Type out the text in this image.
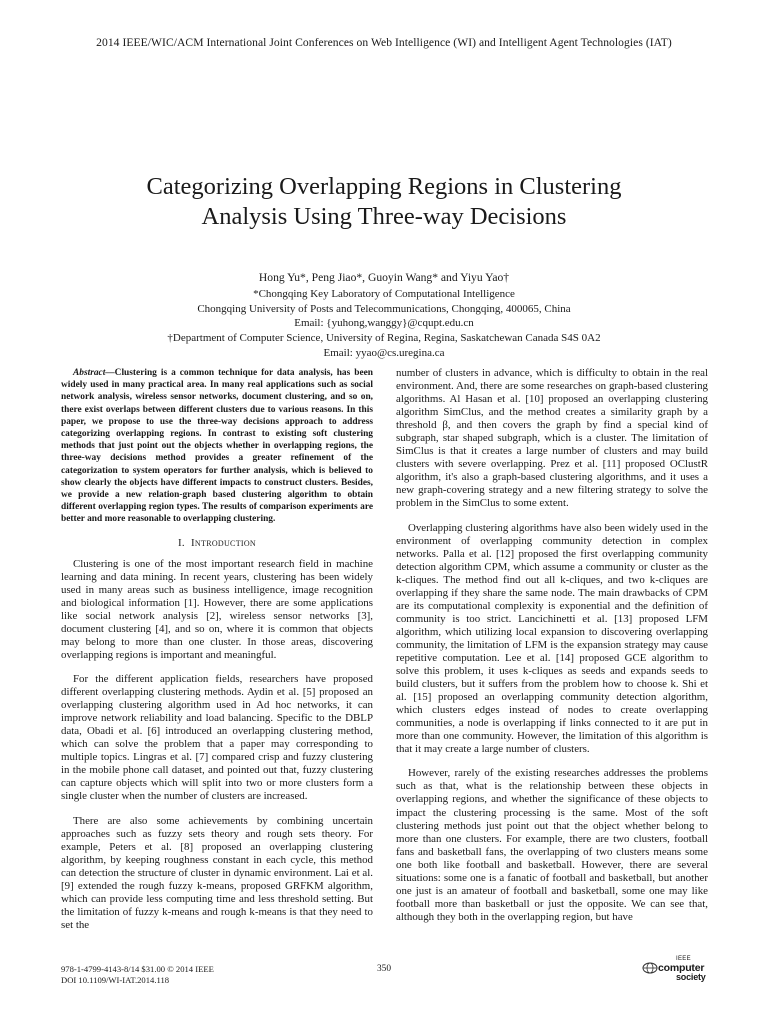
2014 IEEE/WIC/ACM International Joint Conferences on Web Intelligence (WI) and Intelligent Agent Technologies (IAT)
Categorizing Overlapping Regions in Clustering
Analysis Using Three-way Decisions
Hong Yu*, Peng Jiao*, Guoyin Wang* and Yiyu Yao†
*Chongqing Key Laboratory of Computational Intelligence
Chongqing University of Posts and Telecommunications, Chongqing, 400065, China
Email: {yuhong,wanggy}@cqupt.edu.cn
†Department of Computer Science, University of Regina, Regina, Saskatchewan Canada S4S 0A2
Email: yyao@cs.uregina.ca

Abstract—Clustering is a common technique for data analysis, has been widely used in many practical area. In many real applications such as social network analysis, wireless sensor networks, document clustering, and so on, there exist overlaps between different clusters due to various reasons. In this paper, we propose to use the three-way decisions approach to address categorizing overlapping regions. In contrast to existing soft clustering methods that just point out the objects whether in overlapping regions, the three-way decisions method provides a greater refinement of the categorization to system operators for further analysis, which is believed to show clearly the objects have different impacts to construct clusters. Besides, we provide a new relation-graph based clustering algorithm to obtain different overlapping region types. The results of comparison experiments are better and more reasonable to overlapping clustering.

I. Introduction

Clustering is one of the most important research field in machine learning and data mining. In recent years, clustering has been widely used in many areas such as business intelligence, image recognition and biological information [1]. However, there are some applications like social network analysis [2], wireless sensor networks [3], document clustering [4], and so on, where it is common that objects may belong to more than one cluster. In those areas, discovering overlapping regions is important and meaningful.

For the different application fields, researchers have proposed different overlapping clustering methods. Aydin et al. [5] proposed an overlapping clustering algorithm used in Ad hoc networks, it can improve network reliability and load balancing. Specific to the DBLP data, Obadi et al. [6] introduced an overlapping clustering method, which can solve the problem that a paper may corresponding to multiple topics. Lingras et al. [7] compared crisp and fuzzy clustering in the mobile phone call dataset, and pointed out that, fuzzy clustering can capture objects which will split into two or more clusters form a single cluster when the number of clusters are increased.

There are also some achievements by combining uncertain approaches such as fuzzy sets theory and rough sets theory. For example, Peters et al. [8] proposed an overlapping clustering algorithm, by keeping roughness constant in each cycle, this method can detection the structure of cluster in dynamic environment. Lai et al. [9] extended the rough fuzzy k-means, proposed GRFKM algorithm, which can provide less computing time and less threshold setting. But the limitation of fuzzy k-means and rough k-means is that they need to set the

number of clusters in advance, which is difficulty to obtain in the real environment. And, there are some researches on graph-based clustering algorithms. Al Hasan et al. [10] proposed an overlapping clustering algorithm SimClus, and the method creates a similarity graph by a threshold β, and then covers the graph by find a special kind of subgraph, star shaped subgraph, which is a cluster. The limitation of SimClus is that it creates a large number of clusters and may build clusters with severe overlapping. Prez et al. [11] proposed OClustR algorithm, it's also a graph-based clustering algorithms, and it uses a new graph-covering strategy and a new filtering strategy to solve the problem in the SimClus to some extent.

Overlapping clustering algorithms have also been widely used in the environment of overlapping community detection in complex networks. Palla et al. [12] proposed the first overlapping community detection algorithm CPM, which assume a community or cluster as the k-cliques. The method find out all k-cliques, and two k-cliques are overlapping if they share the same node. The main drawbacks of CPM are its computational complexity is exponential and the definition of community is too strict. Lancichinetti et al. [13] proposed LFM algorithm, which utilizing local expansion to discovering overlapping community, the limitation of LFM is the expansion strategy may cause repetitive computation. Lee et al. [14] proposed GCE algorithm to solve this problem, it uses k-cliques as seeds and expands seeds to build clusters, but it suffers from the problem how to choose k. Shi et al. [15] proposed an overlapping community detection algorithm, which clusters edges instead of nodes to create overlapping communities, a node is overlapping if links connected to it are put in more than one community. However, the limitation of this algorithm is that it may create a large number of clusters.

However, rarely of the existing researches addresses the problems such as that, what is the relationship between these objects in overlapping regions, and whether the significance of these objects to impact the clustering processing is the same. Most of the soft clustering methods just point out that the object whether belong to more than one clusters. For example, there are two clusters, football fans and basketball fans, the overlapping of two clusters means some one both like football and basketball. However, there are several situations: some one is a fanatic of football and basketball, but another one just is an amateur of football and basketball, some one may like football more than basketball or just the opposite. We can see that, although they both in the overlapping region, but have

978-1-4799-4143-8/14 $31.00 © 2014 IEEE
DOI 10.1109/WI-IAT.2014.118
350
IEEE
computer
society
